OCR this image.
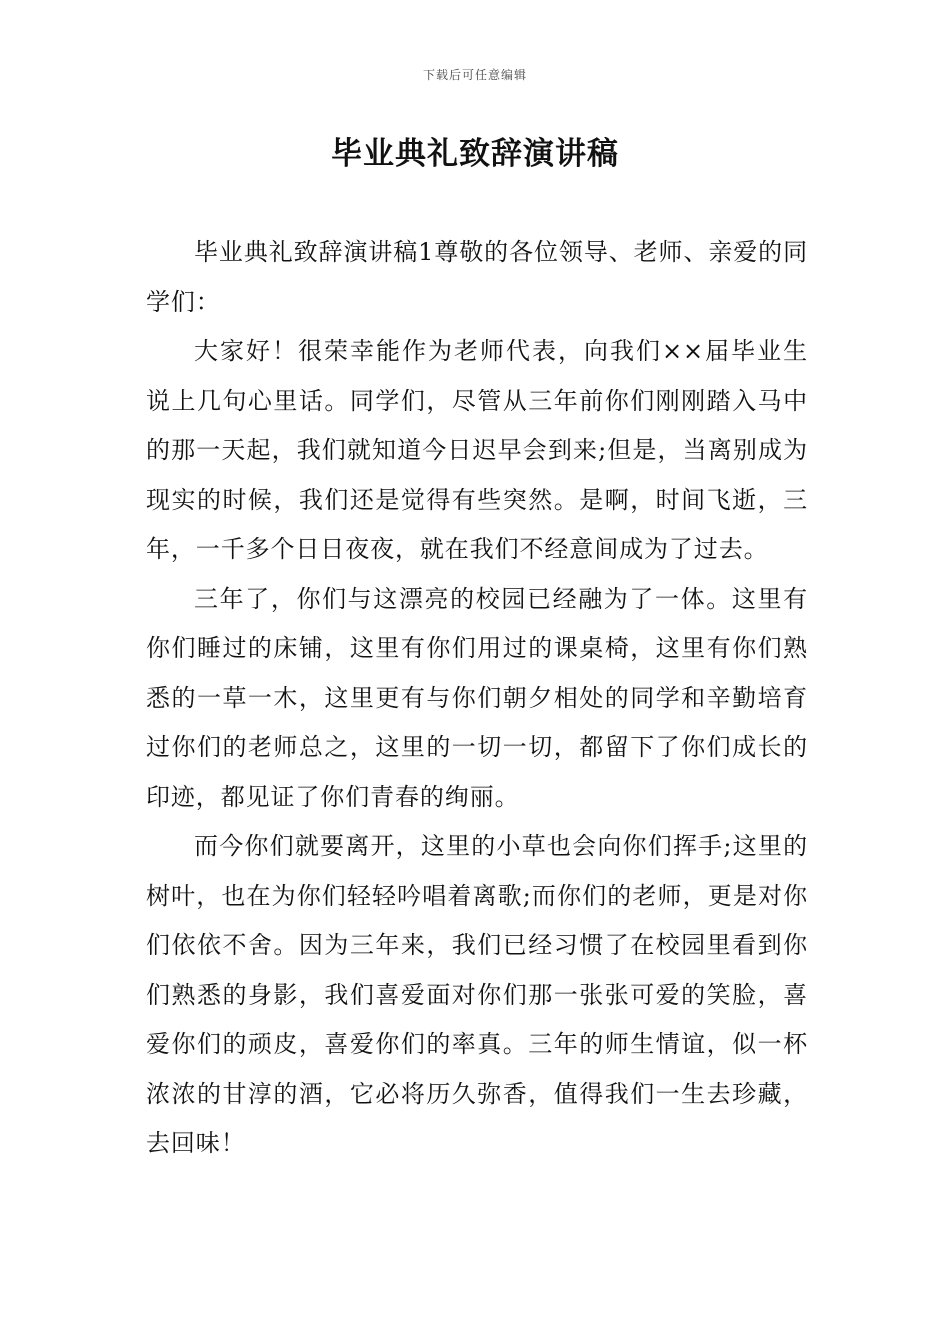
下载后可任意编辑
毕业典礼致辞演讲稿

毕业典礼致辞演讲稿1尊敬的各位领导、老师、亲爱的同学们：

大家好！很荣幸能作为老师代表，向我们××届毕业生说上几句心里话。同学们，尽管从三年前你们刚刚踏入马中的那一天起，我们就知道今日迟早会到来;但是，当离别成为现实的时候，我们还是觉得有些突然。是啊，时间飞逝，三年，一千多个日日夜夜，就在我们不经意间成为了过去。

三年了，你们与这漂亮的校园已经融为了一体。这里有你们睡过的床铺，这里有你们用过的课桌椅，这里有你们熟悉的一草一木，这里更有与你们朝夕相处的同学和辛勤培育过你们的老师总之，这里的一切一切，都留下了你们成长的印迹，都见证了你们青春的绚丽。

而今你们就要离开，这里的小草也会向你们挥手;这里的树叶，也在为你们轻轻吟唱着离歌;而你们的老师，更是对你们依依不舍。因为三年来，我们已经习惯了在校园里看到你们熟悉的身影，我们喜爱面对你们那一张张可爱的笑脸，喜爱你们的顽皮，喜爱你们的率真。三年的师生情谊，似一杯浓浓的甘淳的酒，它必将历久弥香，值得我们一生去珍藏，去回味！
